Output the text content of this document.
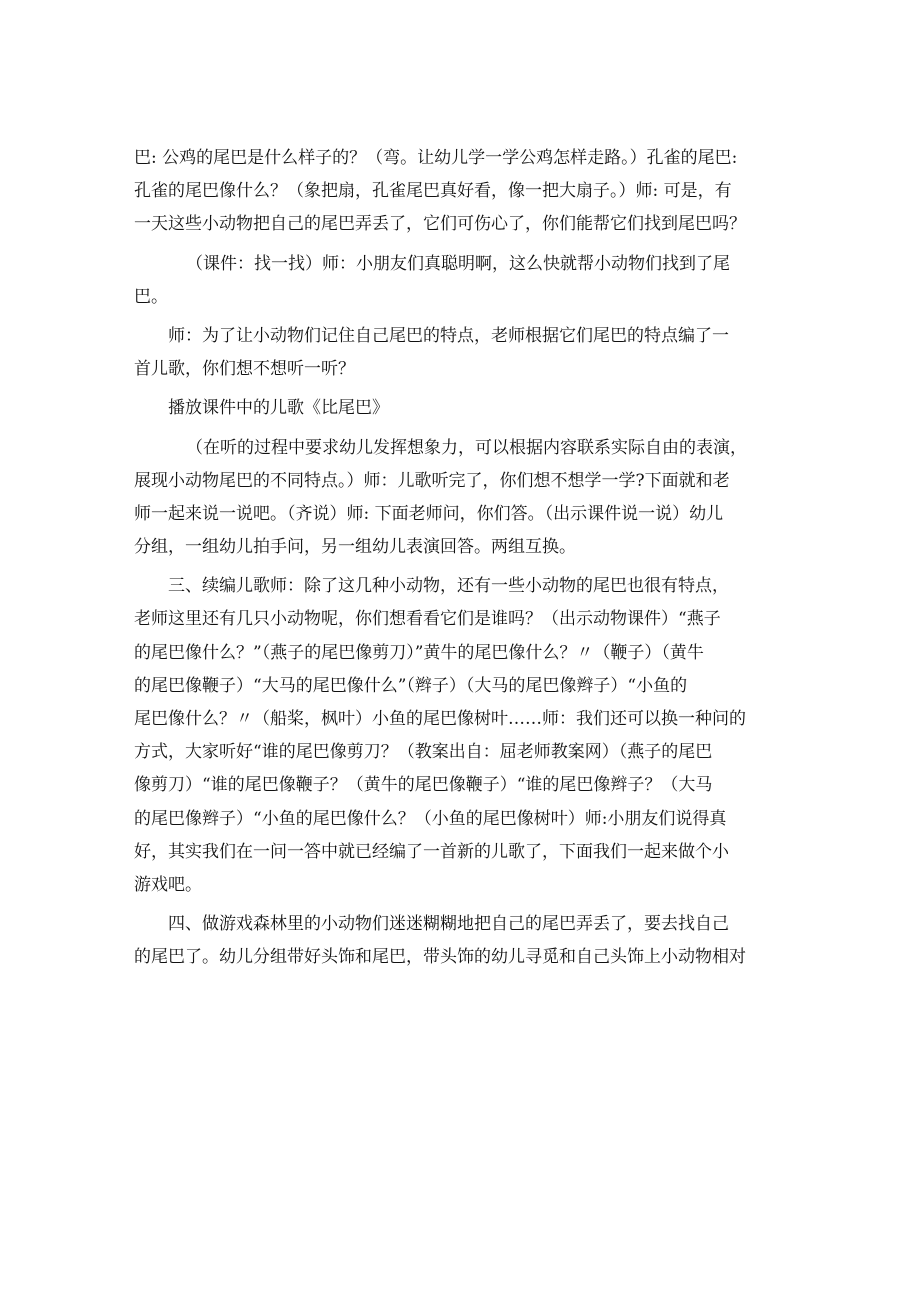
巴: 公鸡的尾巴是什么样子的？（弯。让幼儿学一学公鸡怎样走路。）孔雀的尾巴:
孔雀的尾巴像什么？（象把扇，孔雀尾巴真好看，像一把大扇子。）师: 可是，有
一天这些小动物把自己的尾巴弄丢了，它们可伤心了，你们能帮它们找到尾巴吗？

（课件：找一找）师：小朋友们真聪明啊，这么快就帮小动物们找到了尾
巴。

师：为了让小动物们记住自己尾巴的特点，老师根据它们尾巴的特点编了一
首儿歌，你们想不想听一听？

播放课件中的儿歌《比尾巴》

（在听的过程中要求幼儿发挥想象力，可以根据内容联系实际自由的表演，
展现小动物尾巴的不同特点。）师：儿歌听完了，你们想不想学一学?下面就和老
师一起来说一说吧。（齐说）师: 下面老师问，你们答。（出示课件说一说）幼儿
分组，一组幼儿拍手问，另一组幼儿表演回答。两组互换。

三、续编儿歌师：除了这几种小动物，还有一些小动物的尾巴也很有特点，
老师这里还有几只小动物呢，你们想看看它们是谁吗？（出示动物课件）“燕子
的尾巴像什么？”（燕子的尾巴像剪刀）”黄牛的尾巴像什么？〃（鞭子）（黄牛
的尾巴像鞭子）“大马的尾巴像什么”（辫子）（大马的尾巴像辫子）“小鱼的
尾巴像什么？〃（船桨，枫叶）小鱼的尾巴像树叶……师：我们还可以换一种问的
方式，大家听好“谁的尾巴像剪刀？（教案出自：屈老师教案网）（燕子的尾巴
像剪刀）“谁的尾巴像鞭子？（黄牛的尾巴像鞭子）“谁的尾巴像辫子？（大马
的尾巴像辫子）“小鱼的尾巴像什么？（小鱼的尾巴像树叶）师:小朋友们说得真
好，其实我们在一问一答中就已经编了一首新的儿歌了，下面我们一起来做个小
游戏吧。

四、做游戏森林里的小动物们迷迷糊糊地把自己的尾巴弄丢了，要去找自己
的尾巴了。幼儿分组带好头饰和尾巴，带头饰的幼儿寻觅和自己头饰上小动物相对
